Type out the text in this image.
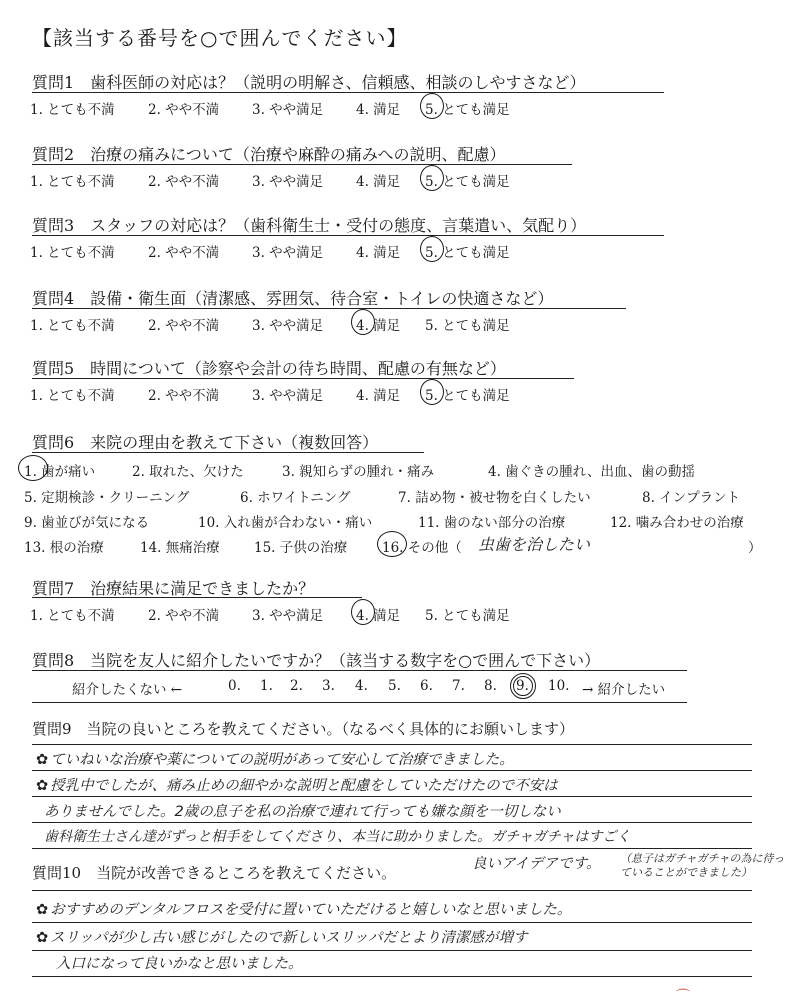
【該当する番号を○で囲んでください】
質問1　歯科医師の対応は？（説明の明解さ、信頼感、相談のしやすさなど）
1. とても不満 2. やや不満 3. やや満足 4. 満足 5. とても満足
質問2　治療の痛みについて（治療や麻酔の痛みへの説明、配慮）
1. とても不満 2. やや不満 3. やや満足 4. 満足 5. とても満足
質問3　スタッフの対応は？（歯科衛生士・受付の態度、言葉遣い、気配り）
1. とても不満 2. やや不満 3. やや満足 4. 満足 5. とても満足
質問4　設備・衛生面（清潔感、雰囲気、待合室・トイレの快適さなど）
1. とても不満 2. やや不満 3. やや満足 4. 満足 5. とても満足
質問5　時間について（診察や会計の待ち時間、配慮の有無など）
1. とても不満 2. やや不満 3. やや満足 4. 満足 5. とても満足
質問6　来院の理由を教えて下さい（複数回答）
1. 歯が痛い	2. 取れた、欠けた	3. 親知らずの腫れ・痛み	4. 歯ぐきの腫れ、出血、歯の動揺
5. 定期検診・クリーニング	6. ホワイトニング	7. 詰め物・被せ物を白くしたい	8. インプラント
9. 歯並びが気になる	10. 入れ歯が合わない・痛い	11. 歯のない部分の治療	12. 噛み合わせの治療
13. 根の治療	14. 無痛治療	15. 子供の治療	16. その他（ 虫歯を治したい	）
質問7　治療結果に満足できましたか？
1. とても不満 2. やや不満 3. やや満足 4. 満足 5. とても満足
質問8　当院を友人に紹介したいですか？（該当する数字を○で囲んで下さい）
紹介したくない ←	0. 1. 2. 3. 4. 5. 6. 7. 8. 9. 10. → 紹介したい
質問9　当院の良いところを教えてください。（なるべく具体的にお願いします）
✿ ていねいな治療や薬についての説明があって安心して治療できました。
✿ 授乳中でしたが、痛み止めの細やかな説明と配慮をしていただけたので不安は
ありませんでした。2歳の息子を私の治療で連れて行っても嫌な顔を一切しない
歯科衛生士さん達がずっと相手をしてくださり、本当に助かりました。ガチャガチャはすごく
良いアイデアです。 （息子はガチャガチャの為に待っていることができました）
質問10　当院が改善できるところを教えてください。
✿ おすすめのデンタルフロスを受付に置いていただけると嬉しいなと思いました。
✿ スリッパが少し古い感じがしたので新しいスリッパだとより清潔感が増す
入口になって良いかなと思いました。
⌒
